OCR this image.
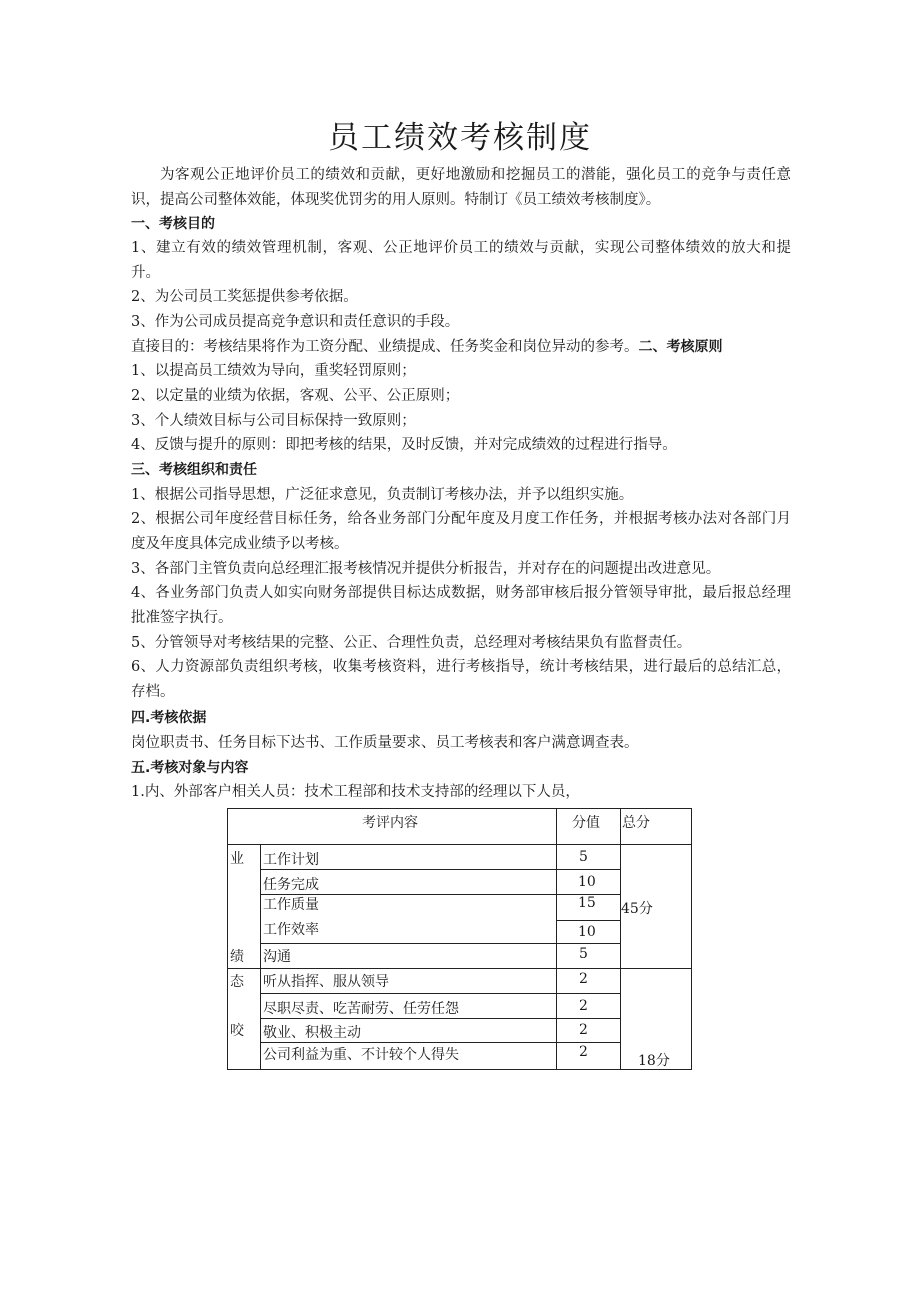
员工绩效考核制度
为客观公正地评价员工的绩效和贡献，更好地激励和挖掘员工的潜能，强化员工的竞争与责任意识，提高公司整体效能，体现奖优罚劣的用人原则。特制订《员工绩效考核制度》。
一、考核目的
1、建立有效的绩效管理机制，客观、公正地评价员工的绩效与贡献，实现公司整体绩效的放大和提升。
2、为公司员工奖惩提供参考依据。
3、作为公司成员提高竞争意识和责任意识的手段。
直接目的：考核结果将作为工资分配、业绩提成、任务奖金和岗位异动的参考。二、考核原则
1、以提高员工绩效为导向，重奖轻罚原则；
2、以定量的业绩为依据，客观、公平、公正原则；
3、个人绩效目标与公司目标保持一致原则；
4、反馈与提升的原则：即把考核的结果，及时反馈，并对完成绩效的过程进行指导。
三、考核组织和责任
1、根据公司指导思想，广泛征求意见，负责制订考核办法，并予以组织实施。
2、根据公司年度经营目标任务，给各业务部门分配年度及月度工作任务，并根据考核办法对各部门月度及年度具体完成业绩予以考核。
3、各部门主管负责向总经理汇报考核情况并提供分析报告，并对存在的问题提出改进意见。
4、各业务部门负责人如实向财务部提供目标达成数据，财务部审核后报分管领导审批，最后报总经理批准签字执行。
5、分管领导对考核结果的完整、公正、合理性负责，总经理对考核结果负有监督责任。
6、人力资源部负责组织考核，收集考核资料，进行考核指导，统计考核结果，进行最后的总结汇总，存档。
四.考核依据
岗位职责书、任务目标下达书、工作质量要求、员工考核表和客户满意调查表。
五.考核对象与内容
1.内、外部客户相关人员：技术工程部和技术支持部的经理以下人员，
考评内容	分值 总分
业
绩
45分
工作计划	5
任务完成	10
工作质量	15
工作效率	10
沟通	5
态
咬
18分
听从指挥、服从领导	2
尽职尽责、吃苦耐劳、任劳任怨	2
敬业、积极主动	2
公司利益为重、不计较个人得失	2
